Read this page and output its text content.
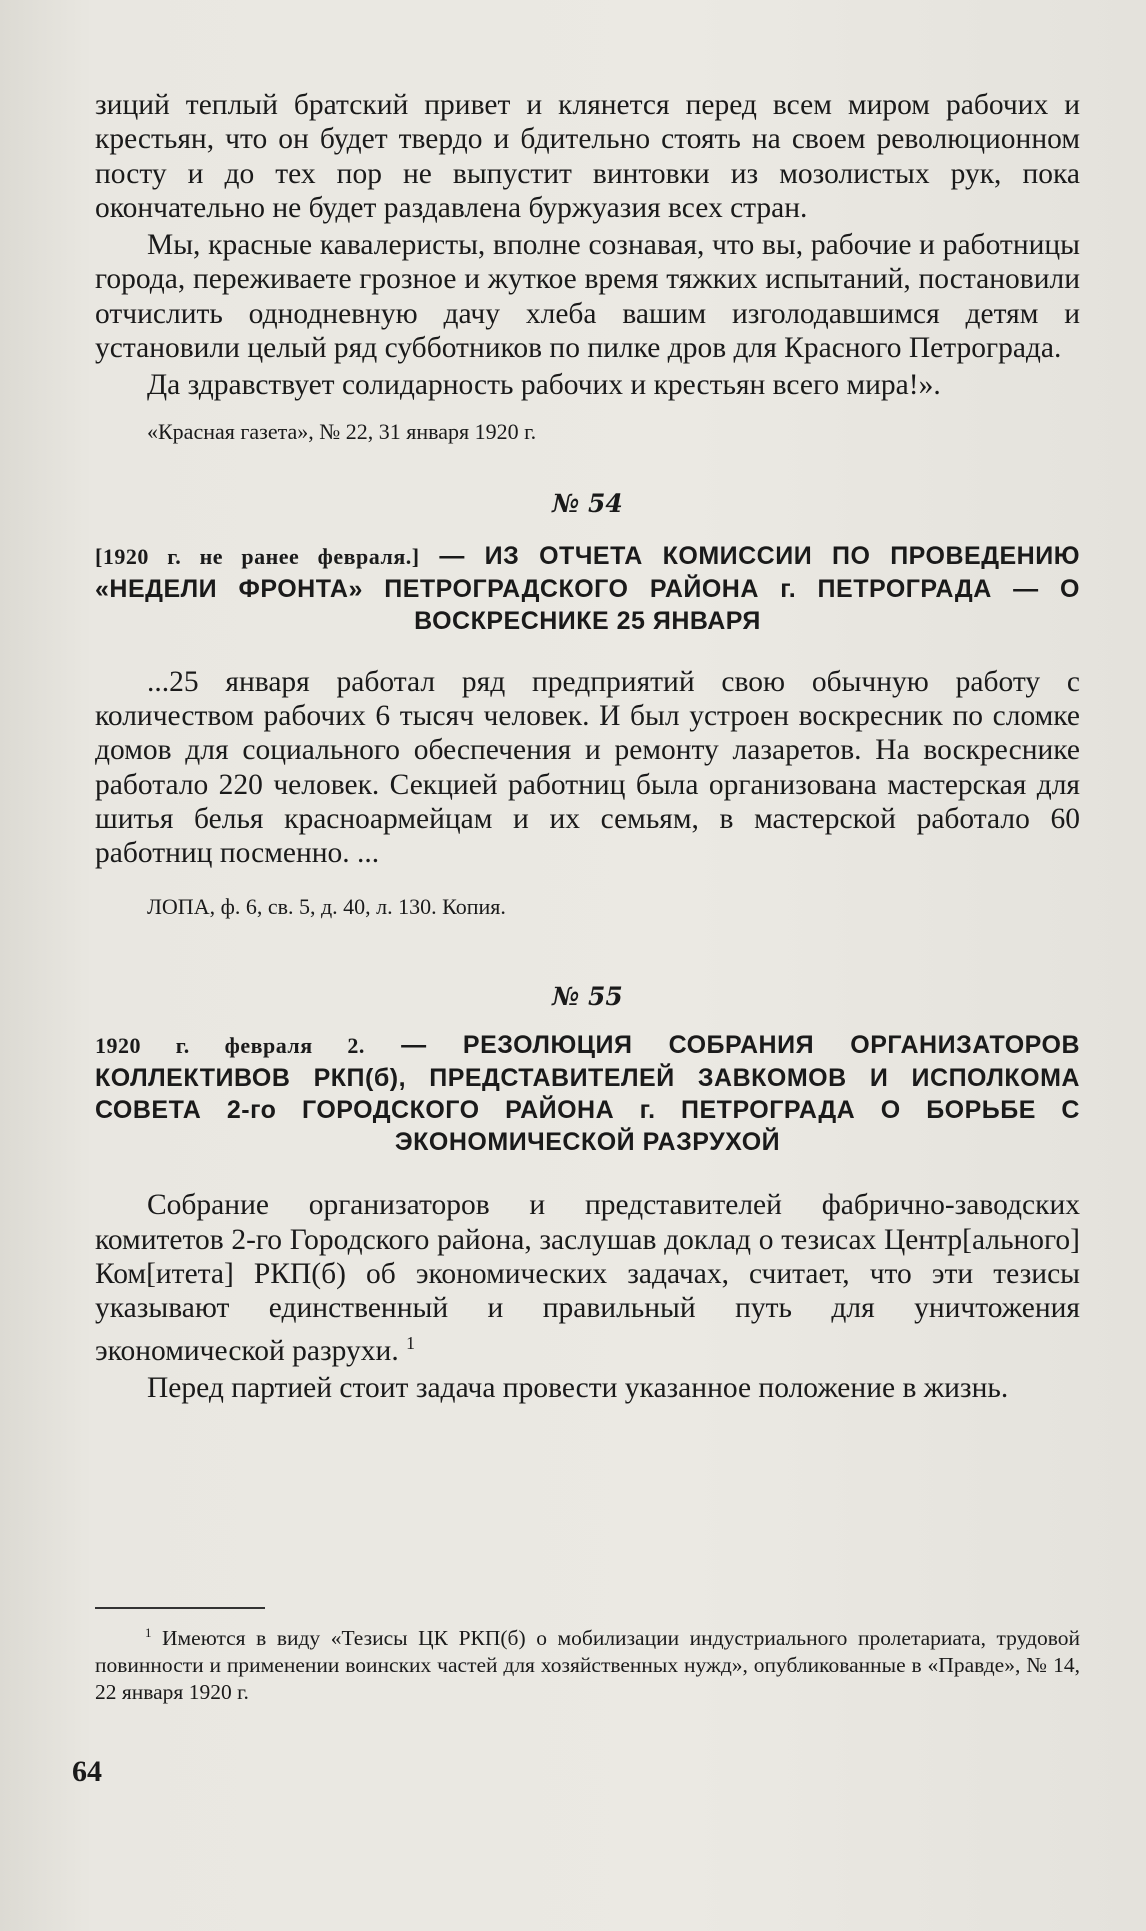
зиций теплый братский привет и клянется перед всем миром рабочих и крестьян, что он будет твердо и бдительно стоять на своем революционном посту и до тех пор не выпустит винтовки из мозолистых рук, пока окончательно не будет раздавлена буржуазия всех стран.

Мы, красные кавалеристы, вполне сознавая, что вы, рабочие и работницы города, переживаете грозное и жуткое время тяжких испытаний, постановили отчислить однодневную дачу хлеба вашим изголодавшимся детям и установили целый ряд субботников по пилке дров для Красного Петрограда.

Да здравствует солидарность рабочих и крестьян всего мира!».

«Красная газета», № 22, 31 января 1920 г.

№ 54

[1920 г. не ранее февраля.] — ИЗ ОТЧЕТА КОМИССИИ ПО ПРОВЕДЕНИЮ «НЕДЕЛИ ФРОНТА» ПЕТРОГРАДСКОГО РАЙОНА г. ПЕТРОГРАДА — О ВОСКРЕСНИКЕ 25 ЯНВАРЯ

...25 января работал ряд предприятий свою обычную работу с количеством рабочих 6 тысяч человек. И был устроен воскресник по сломке домов для социального обеспечения и ремонту лазаретов. На воскреснике работало 220 человек. Секцией работниц была организована мастерская для шитья белья красноармейцам и их семьям, в мастерской работало 60 работниц посменно. ...

ЛОПА, ф. 6, св. 5, д. 40, л. 130. Копия.

№ 55

1920 г. февраля 2. — РЕЗОЛЮЦИЯ СОБРАНИЯ ОРГАНИЗАТОРОВ КОЛЛЕКТИВОВ РКП(б), ПРЕДСТАВИТЕЛЕЙ ЗАВКОМОВ И ИСПОЛКОМА СОВЕТА 2-го ГОРОДСКОГО РАЙОНА г. ПЕТРОГРАДА О БОРЬБЕ С ЭКОНОМИЧЕСКОЙ РАЗРУХОЙ

Собрание организаторов и представителей фабрично-заводских комитетов 2-го Городского района, заслушав доклад о тезисах Центр[ального] Ком[итета] РКП(б) об экономических задачах, считает, что эти тезисы указывают единственный и правильный путь для уничтожения экономической разрухи. $^1$

Перед партией стоит задача провести указанное положение в жизнь.

$^1$ Имеются в виду «Тезисы ЦК РКП(б) о мобилизации индустриального пролетариата, трудовой повинности и применении воинских частей для хозяйственных нужд», опубликованные в «Правде», № 14, 22 января 1920 г.

64
